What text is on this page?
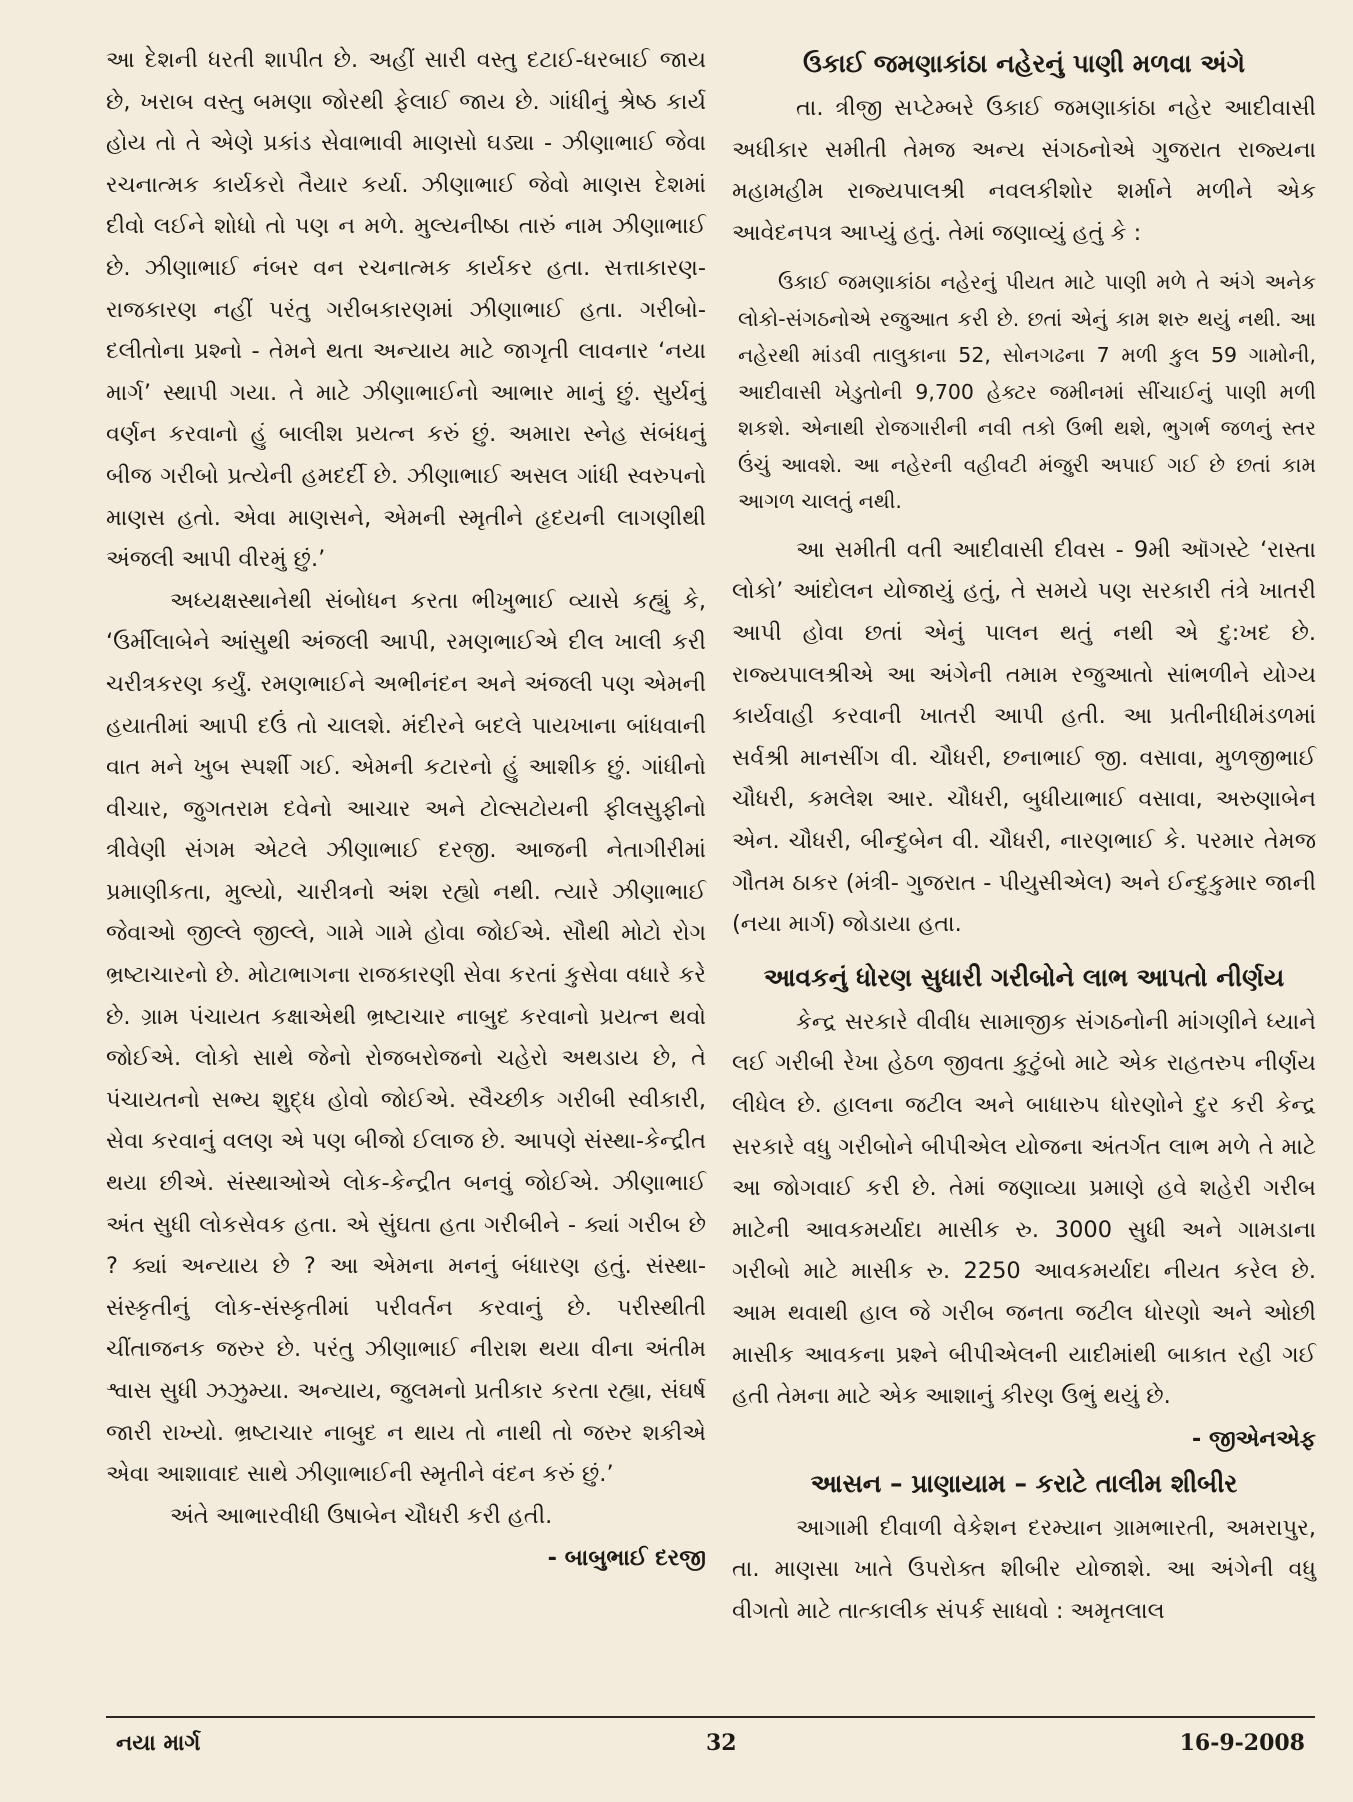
આ દેશની ધરતી શાપીત છે. અહીં સારી વસ્તુ દટાઈ-ધરબાઈ જાય છે, ખરાબ વસ્તુ બમણા જોરથી ફેલાઈ જાય છે. ગાંધીનું શ્રેષ્ઠ કાર્ય હોય તો તે એણે પ્રકાંડ સેવાભાવી માણસો ઘડ્યા - ઝીણાભાઈ જેવા રચનાત્મક કાર્યકરો તૈયાર કર્યા. ઝીણાભાઈ જેવો માણસ દેશમાં દીવો લઈને શોધો તો પણ ન મળે. મુલ્યનીષ્ઠા તારું નામ ઝીણાભાઈ છે. ઝીણાભાઈ નંબર વન રચનાત્મક કાર્યકર હતા. સત્તાકારણ-રાજકારણ નહીં પરંતુ ગરીબકારણમાં ઝીણાભાઈ હતા. ગરીબો-દલીતોના પ્રશ્નો - તેમને થતા અન્યાય માટે જાગૃતી લાવનાર ‘નયા માર્ગ’ સ્થાપી ગયા. તે માટે ઝીણાભાઈનો આભાર માનું છું. સુર્યનું વર્ણન કરવાનો હું બાલીશ પ્રયત્ન કરું છું. અમારા સ્નેહ સંબંધનું બીજ ગરીબો પ્રત્યેની હમદર્દી છે. ઝીણાભાઈ અસલ ગાંધી સ્વરુપનો માણસ હતો. એવા માણસને, એમની સ્મૃતીને હૃદયની લાગણીથી અંજલી આપી વીરમું છું.’

અધ્યક્ષસ્થાનેથી સંબોધન કરતા ભીખુભાઈ વ્યાસે કહ્યું કે, ‘ઉર્મીલાબેને આંસુથી અંજલી આપી, રમણભાઈએ દીલ ખાલી કરી ચરીત્રકરણ કર્યું. રમણભાઈને અભીનંદન અને અંજલી પણ એમની હયાતીમાં આપી દઉં તો ચાલશે. મંદીરને બદલે પાયખાના બાંધવાની વાત મને ખુબ સ્પર્શી ગઈ. એમની કટારનો હું આશીક છું. ગાંધીનો વીચાર, જુગતરામ દવેનો આચાર અને ટોલ્સટોયની ફીલસુફીનો ત્રીવેણી સંગમ એટલે ઝીણાભાઈ દરજી. આજની નેતાગીરીમાં પ્રમાણીકતા, મુલ્યો, ચારીત્રનો અંશ રહ્યો નથી. ત્યારે ઝીણાભાઈ જેવાઓ જીલ્લે જીલ્લે, ગામે ગામે હોવા જોઈએ. સૌથી મોટો રોગ ભ્રષ્ટાચારનો છે. મોટાભાગના રાજકારણી સેવા કરતાં કુસેવા વધારે કરે છે. ગ્રામ પંચાયત કક્ષાએથી ભ્રષ્ટાચાર નાબુદ કરવાનો પ્રયત્ન થવો જોઈએ. લોકો સાથે જેનો રોજબરોજનો ચહેરો અથડાય છે, તે પંચાયતનો સભ્ય શુદ્ધ હોવો જોઈએ. સ્વૈચ્છીક ગરીબી સ્વીકારી, સેવા કરવાનું વલણ એ પણ બીજો ઈલાજ છે. આપણે સંસ્થા-કેન્દ્રીત થયા છીએ. સંસ્થાઓએ લોક-કેન્દ્રીત બનવું જોઈએ. ઝીણાભાઈ અંત સુધી લોકસેવક હતા. એ સુંઘતા હતા ગરીબીને - ક્યાં ગરીબ છે ? ક્યાં અન્યાય છે ? આ એમના મનનું બંધારણ હતું. સંસ્થા-સંસ્કૃતીનું લોક-સંસ્કૃતીમાં પરીવર્તન કરવાનું છે. પરીસ્થીતી ચીંતાજનક જરુર છે. પરંતુ ઝીણાભાઈ નીરાશ થયા વીના અંતીમ શ્વાસ સુધી ઝઝુમ્યા. અન્યાય, જુલમનો પ્રતીકાર કરતા રહ્યા, સંઘર્ષ જારી રાખ્યો. ભ્રષ્ટાચાર નાબુદ ન થાય તો નાથી તો જરુર શકીએ એવા આશાવાદ સાથે ઝીણાભાઈની સ્મૃતીને વંદન કરું છું.’

અંતે આભારવીધી ઉષાબેન ચૌધરી કરી હતી.

- બાબુભાઈ દરજી

ઉકાઈ જમણાકાંઠા નહેરનું પાણી મળવા અંગે

તા. ત્રીજી સપ્ટેમ્બરે ઉકાઈ જમણાકાંઠા નહેર આદીવાસી અધીકાર સમીતી તેમજ અન્ય સંગઠનોએ ગુજરાત રાજ્યના મહામહીમ રાજ્યપાલશ્રી નવલકીશોર શર્માને મળીને એક આવેદનપત્ર આપ્યું હતું. તેમાં જણાવ્યું હતું કે :

ઉકાઈ જમણાકાંઠા નહેરનું પીયત માટે પાણી મળે તે અંગે અનેક લોકો-સંગઠનોએ રજુઆત કરી છે. છતાં એનું કામ શરુ થયું નથી. આ નહેરથી માંડવી તાલુકાના 52, સોનગઢના 7 મળી કુલ 59 ગામોની, આદીવાસી ખેડુતોની 9,700 હેક્ટર જમીનમાં સીંચાઈનું પાણી મળી શકશે. એનાથી રોજગારીની નવી તકો ઉભી થશે, ભુગર્ભ જળનું સ્તર ઉંચું આવશે. આ નહેરની વહીવટી મંજુરી અપાઈ ગઈ છે છતાં કામ આગળ ચાલતું નથી.

આ સમીતી વતી આદીવાસી દીવસ - 9મી ઑગસ્ટે ‘રાસ્તા લોકો’ આંદોલન યોજાયું હતું, તે સમયે પણ સરકારી તંત્રે ખાતરી આપી હોવા છતાં એનું પાલન થતું નથી એ દુ:ખદ છે. રાજ્યપાલશ્રીએ આ અંગેની તમામ રજુઆતો સાંભળીને યોગ્ય કાર્યવાહી કરવાની ખાતરી આપી હતી. આ પ્રતીનીધીમંડળમાં સર્વશ્રી માનસીંગ વી. ચૌધરી, છનાભાઈ જી. વસાવા, મુળજીભાઈ ચૌધરી, કમલેશ આર. ચૌધરી, બુધીયાભાઈ વસાવા, અરુણાબેન એન. ચૌધરી, બીન્દુબેન વી. ચૌધરી, નારણભાઈ કે. પરમાર તેમજ ગૌતમ ઠાકર (મંત્રી- ગુજરાત - પીયુસીએલ) અને ઈન્દુકુમાર જાની (નયા માર્ગ) જોડાયા હતા.

આવકનું ધોરણ સુધારી ગરીબોને લાભ આપતો નીર્ણય

કેન્દ્ર સરકારે વીવીધ સામાજીક સંગઠનોની માંગણીને ધ્યાને લઈ ગરીબી રેખા હેઠળ જીવતા કુટુંબો માટે એક રાહતરુપ નીર્ણય લીધેલ છે. હાલના જટીલ અને બાધારુપ ધોરણોને દુર કરી કેન્દ્ર સરકારે વધુ ગરીબોને બીપીએલ યોજના અંતર્ગત લાભ મળે તે માટે આ જોગવાઈ કરી છે. તેમાં જણાવ્યા પ્રમાણે હવે શહેરી ગરીબ માટેની આવકમર્યાદા માસીક રુ. 3000 સુધી અને ગામડાના ગરીબો માટે માસીક રુ. 2250 આવકમર્યાદા નીયત કરેલ છે. આમ થવાથી હાલ જે ગરીબ જનતા જટીલ ધોરણો અને ઓછી માસીક આવકના પ્રશ્ને બીપીએલની યાદીમાંથી બાકાત રહી ગઈ હતી તેમના માટે એક આશાનું કીરણ ઉભું થયું છે.

- જીએનએફ

આસન – પ્રાણાયામ – કરાટે તાલીમ શીબીર

આગામી દીવાળી વેકેશન દરમ્યાન ગ્રામભારતી, અમરાપુર, તા. માણસા ખાતે ઉપરોક્ત શીબીર યોજાશે. આ અંગેની વધુ વીગતો માટે તાત્કાલીક સંપર્ક સાધવો : અમૃતલાલ

નયા માર્ગ	32	16-9-2008
